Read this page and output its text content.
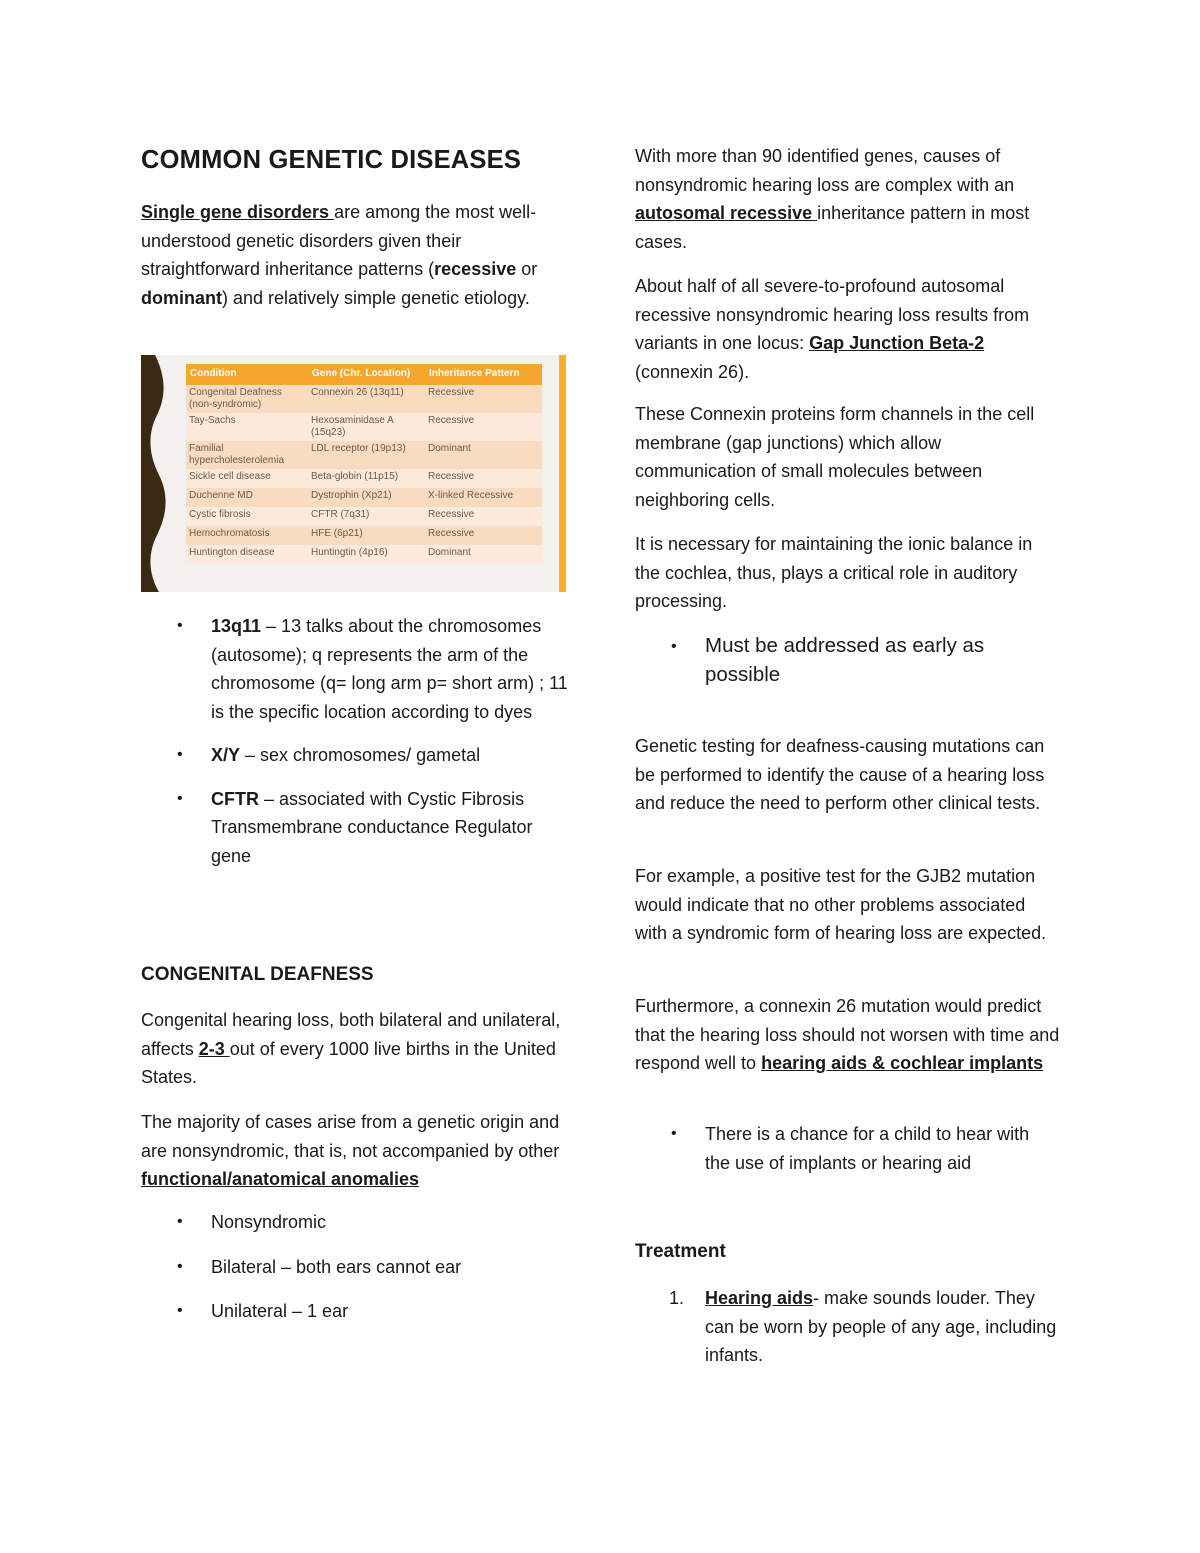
COMMON GENETIC DISEASES

Single gene disorders are among the most well-understood genetic disorders given their straightforward inheritance patterns (recessive or dominant) and relatively simple genetic etiology.

Condition	Gene (Chr. Location)	Inheritance Pattern
Congenital Deafness (non-syndromic)	Connexin 26 (13q11)	Recessive
Tay-Sachs	Hexosaminidase A (15q23)	Recessive
Familial hypercholesterolemia	LDL receptor (19p13)	Dominant
Sickle cell disease	Beta-globin (11p15)	Recessive
Duchenne MD	Dystrophin (Xp21)	X-linked Recessive
Cystic fibrosis	CFTR (7q31)	Recessive
Hemochromatosis	HFE (6p21)	Recessive
Huntington disease	Huntingtin (4p16)	Dominant
• 13q11 – 13 talks about the chromosomes (autosome); q represents the arm of the chromosome (q= long arm p= short arm) ; 11 is the specific location according to dyes
• X/Y – sex chromosomes/ gametal
• CFTR – associated with Cystic Fibrosis Transmembrane conductance Regulator gene

CONGENITAL DEAFNESS

Congenital hearing loss, both bilateral and unilateral, affects 2-3 out of every 1000 live births in the United States.

The majority of cases arise from a genetic origin and are nonsyndromic, that is, not accompanied by other functional/anatomical anomalies

• Nonsyndromic
• Bilateral – both ears cannot ear
• Unilateral – 1 ear

With more than 90 identified genes, causes of nonsyndromic hearing loss are complex with an autosomal recessive inheritance pattern in most cases.

About half of all severe-to-profound autosomal recessive nonsyndromic hearing loss results from variants in one locus: Gap Junction Beta-2 (connexin 26).

These Connexin proteins form channels in the cell membrane (gap junctions) which allow communication of small molecules between neighboring cells.

It is necessary for maintaining the ionic balance in the cochlea, thus, plays a critical role in auditory processing.

• Must be addressed as early as possible

Genetic testing for deafness-causing mutations can be performed to identify the cause of a hearing loss and reduce the need to perform other clinical tests.

For example, a positive test for the GJB2 mutation would indicate that no other problems associated with a syndromic form of hearing loss are expected.

Furthermore, a connexin 26 mutation would predict that the hearing loss should not worsen with time and respond well to hearing aids & cochlear implants

• There is a chance for a child to hear with the use of implants or hearing aid

Treatment

1. Hearing aids- make sounds louder. They can be worn by people of any age, including infants.
